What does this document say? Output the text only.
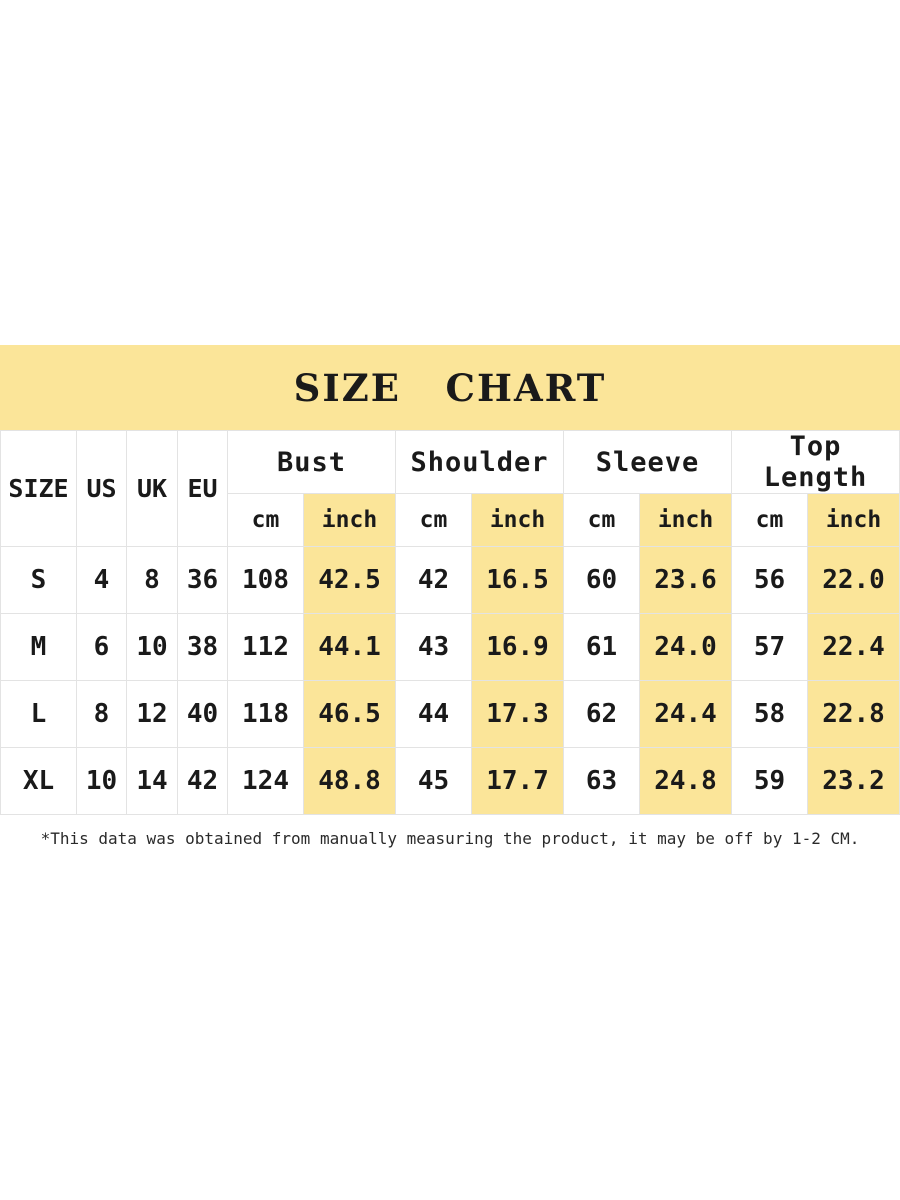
SIZE   CHART
SIZE	US	UK	EU	Bust		Shoulder		Sleeve		Top Length	
				cm	inch	cm	inch	cm	inch	cm	inch
S	4	8	36	108	42.5	42	16.5	60	23.6	56	22.0
M	6	10	38	112	44.1	43	16.9	61	24.0	57	22.4
L	8	12	40	118	46.5	44	17.3	62	24.4	58	22.8
XL	10	14	42	124	48.8	45	17.7	63	24.8	59	23.2
*This data was obtained from manually measuring the product, it may be off by 1-2 CM.
